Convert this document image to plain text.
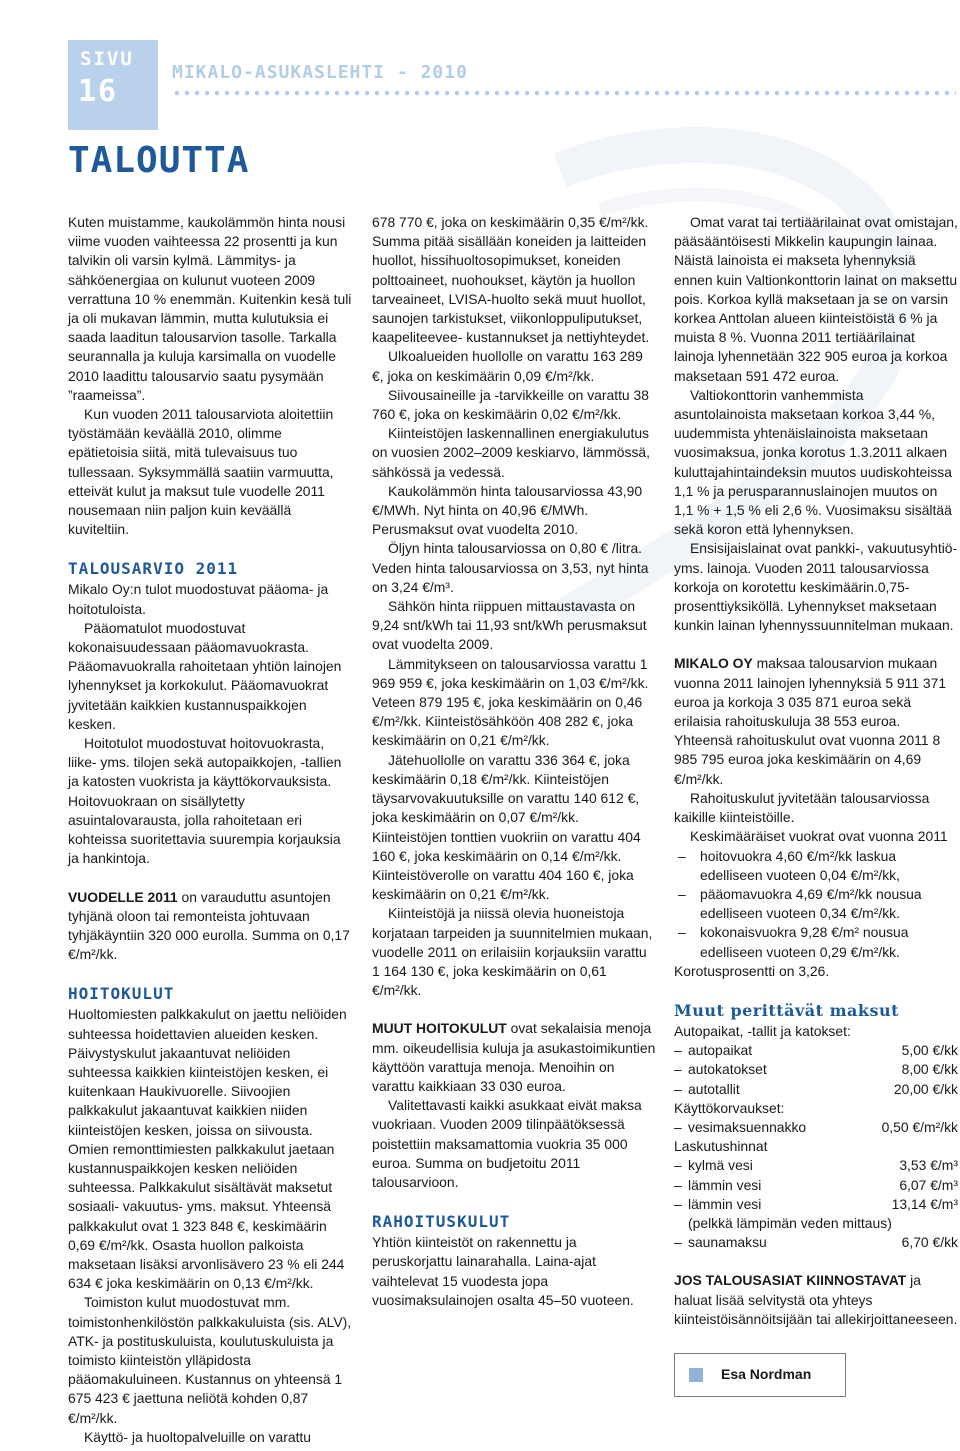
SIVU
16
MIKALO-ASUKASLEHTI - 2010
TALOUTTA

Kuten muistamme, kaukolämmön hinta nousi viime vuoden vaihteessa 22 prosentti ja kun talvikin oli varsin kylmä. Lämmitys- ja sähköenergiaa on kulunut vuoteen 2009 verrattuna 10 % enemmän. Kuitenkin kesä tuli ja oli mukavan lämmin, mutta kulutuksia ei saada laaditun talousarvion tasolle. Tarkalla seurannalla ja kuluja karsimalla on vuodelle 2010 laadittu talousarvio saatu pysymään ”raameissa”.

Kun vuoden 2011 talousarviota aloitettiin työstämään keväällä 2010, olimme epätietoisia siitä, mitä tulevaisuus tuo tullessaan. Syksymmällä saatiin varmuutta, etteivät kulut ja maksut tule vuodelle 2011 nousemaan niin paljon kuin keväällä kuviteltiin.

TALOUSARVIO 2011

Mikalo Oy:n tulot muodostuvat pääoma- ja hoitotuloista.

Pääomatulot muodostuvat kokonaisuudessaan pääomavuokrasta. Pääomavuokralla rahoitetaan yhtiön lainojen lyhennykset ja korkokulut. Pääomavuokrat jyvitetään kaikkien kustannuspaikkojen kesken.

Hoitotulot muodostuvat hoitovuokrasta, liike- yms. tilojen sekä autopaikkojen, -tallien ja katosten vuokrista ja käyttökorvauksista. Hoitovuokraan on sisällytetty asuintalovarausta, jolla rahoitetaan eri kohteissa suoritettavia suurempia korjauksia ja hankintoja.

VUODELLE 2011 on varauduttu asuntojen tyhjänä oloon tai remonteista johtuvaan tyhjäkäyntiin 320 000 eurolla. Summa on 0,17 €/m²/kk.

HOITOKULUT

Huoltomiesten palkkakulut on jaettu neliöiden suhteessa hoidettavien alueiden kesken. Päivystyskulut jakaantuvat neliöiden suhteessa kaikkien kiinteistöjen kesken, ei kuitenkaan Haukivuorelle. Siivoojien palkkakulut jakaantuvat kaikkien niiden kiinteistöjen kesken, joissa on siivousta. Omien remonttimiesten palkkakulut jaetaan kustannuspaikkojen kesken neliöiden suhteessa. Palkkakulut sisältävät maksetut sosiaali- vakuutus- yms. maksut. Yhteensä palkkakulut ovat 1 323 848 €, keskimäärin 0,69 €/m²/kk. Osasta huollon palkoista maksetaan lisäksi arvonlisävero 23 % eli 244 634 € joka keskimäärin on 0,13 €/m²/kk.

Toimiston kulut muodostuvat mm. toimistonhenkilöstön palkkakuluista (sis. ALV), ATK- ja postituskuluista, koulutuskuluista ja toimisto kiinteistön ylläpidosta pääomakuluineen. Kustannus on yhteensä 1 675 423 € jaettuna neliötä kohden 0,87 €/m²/kk.

Käyttö- ja huoltopalveluille on varattu

678 770 €, joka on keskimäärin 0,35 €/m²/kk. Summa pitää sisällään koneiden ja laitteiden huollot, hissihuoltosopimukset, koneiden polttoaineet, nuohoukset, käytön ja huollon tarveaineet, LVISA-huolto sekä muut huollot, saunojen tarkistukset, viikonloppuliputukset, kaapeliteevee- kustannukset ja nettiyhteydet.

Ulkoalueiden huollolle on varattu 163 289 €, joka on keskimäärin 0,09 €/m²/kk.

Siivousaineille ja -tarvikkeille on varattu 38 760 €, joka on keskimäärin 0,02 €/m²/kk.

Kiinteistöjen laskennallinen energiakulutus on vuosien 2002–2009 keskiarvo, lämmössä, sähkössä ja vedessä.

Kaukolämmön hinta talousarviossa 43,90 €/MWh. Nyt hinta on 40,96 €/MWh. Perusmaksut ovat vuodelta 2010.

Öljyn hinta talousarviossa on 0,80 € /litra. Veden hinta talousarviossa on 3,53, nyt hinta on 3,24 €/m³.

Sähkön hinta riippuen mittaustavasta on 9,24 snt/kWh tai 11,93 snt/kWh perusmaksut ovat vuodelta 2009.

Lämmitykseen on talousarviossa varattu 1 969 959 €, joka keskimäärin on 1,03 €/m²/kk. Veteen 879 195 €, joka keskimäärin on 0,46 €/m²/kk. Kiinteistösähköön 408 282 €, joka keskimäärin on 0,21 €/m²/kk.

Jätehuollolle on varattu 336 364 €, joka keskimäärin 0,18 €/m²/kk. Kiinteistöjen täysarvovakuutuksille on varattu 140 612 €, joka keskimäärin on 0,07 €/m²/kk. Kiinteistöjen tonttien vuokriin on varattu 404 160 €, joka keskimäärin on 0,14 €/m²/kk. Kiinteistöverolle on varattu 404 160 €, joka keskimäärin on 0,21 €/m²/kk.

Kiinteistöjä ja niissä olevia huoneistoja korjataan tarpeiden ja suunnitelmien mukaan, vuodelle 2011 on erilaisiin korjauksiin varattu 1 164 130 €, joka keskimäärin on 0,61 €/m²/kk.

MUUT HOITOKULUT ovat sekalaisia menoja mm. oikeudellisia kuluja ja asukastoimikuntien käyttöön varattuja menoja. Menoihin on varattu kaikkiaan 33 030 euroa.

Valitettavasti kaikki asukkaat eivät maksa vuokriaan. Vuoden 2009 tilinpäätöksessä poistettiin maksamattomia vuokria 35 000 euroa. Summa on budjetoitu 2011 talousarvioon.

RAHOITUSKULUT

Yhtiön kiinteistöt on rakennettu ja peruskorjattu lainarahalla. Laina-ajat vaihtelevat 15 vuodesta jopa vuosimaksulainojen osalta 45–50 vuoteen.

Omat varat tai tertiäärilainat ovat omistajan, pääsääntöisesti Mikkelin kaupungin lainaa. Näistä lainoista ei makseta lyhennyksiä ennen kuin Valtionkonttorin lainat on maksettu pois. Korkoa kyllä maksetaan ja se on varsin korkea Anttolan alueen kiinteistöistä 6 % ja muista 8 %. Vuonna 2011 tertiäärilainat lainoja lyhennetään 322 905 euroa ja korkoa maksetaan 591 472 euroa.

Valtiokonttorin vanhemmista asuntolainoista maksetaan korkoa 3,44 %, uudemmista yhtenäislainoista maksetaan vuosimaksua, jonka korotus 1.3.2011 alkaen kuluttajahintaindeksin muutos uudiskohteissa 1,1 % ja perusparannuslainojen muutos on 1,1 % + 1,5 % eli 2,6 %. Vuosimaksu sisältää sekä koron että lyhennyksen.

Ensisijaislainat ovat pankki-, vakuutusyhtiö- yms. lainoja. Vuoden 2011 talousarviossa korkoja on korotettu keskimäärin.0,75- prosenttiyksiköllä. Lyhennykset maksetaan kunkin lainan lyhennyssuunnitelman mukaan.

MIKALO OY maksaa talousarvion mukaan vuonna 2011 lainojen lyhennyksiä 5 911 371 euroa ja korkoja 3 035 871 euroa sekä erilaisia rahoituskuluja 38 553 euroa. Yhteensä rahoituskulut ovat vuonna 2011 8 985 795 euroa joka keskimäärin on 4,69 €/m²/kk.

Rahoituskulut jyvitetään talousarviossa kaikille kiinteistöille.

Keskimääräiset vuokrat ovat vuonna 2011

– hoitovuokra 4,60 €/m²/kk laskua edelliseen vuoteen 0,04 €/m²/kk,
– pääomavuokra 4,69 €/m²/kk nousua edelliseen vuoteen 0,34 €/m²/kk.
– kokonaisvuokra 9,28 €/m² nousua edelliseen vuoteen 0,29 €/m²/kk.

Korotusprosentti on 3,26.

Muut perittävät maksut

Autopaikat, -tallit ja katokset:

– autopaikat	5,00 €/kk
– autokatokset	8,00 €/kk
– autotallit	20,00 €/kk

Käyttökorvaukset:

– vesimaksuennakko	0,50 €/m²/kk

Laskutushinnat

– kylmä vesi	3,53 €/m³
– lämmin vesi	6,07 €/m³
– lämmin vesi	13,14 €/m³
(pelkkä lämpimän veden mittaus)
– saunamaksu	6,70 €/kk

JOS TALOUSASIAT KIINNOSTAVAT ja haluat lisää selvitystä ota yhteys kiinteistöisännöitsijään tai allekirjoittaneeseen.

Esa Nordman
